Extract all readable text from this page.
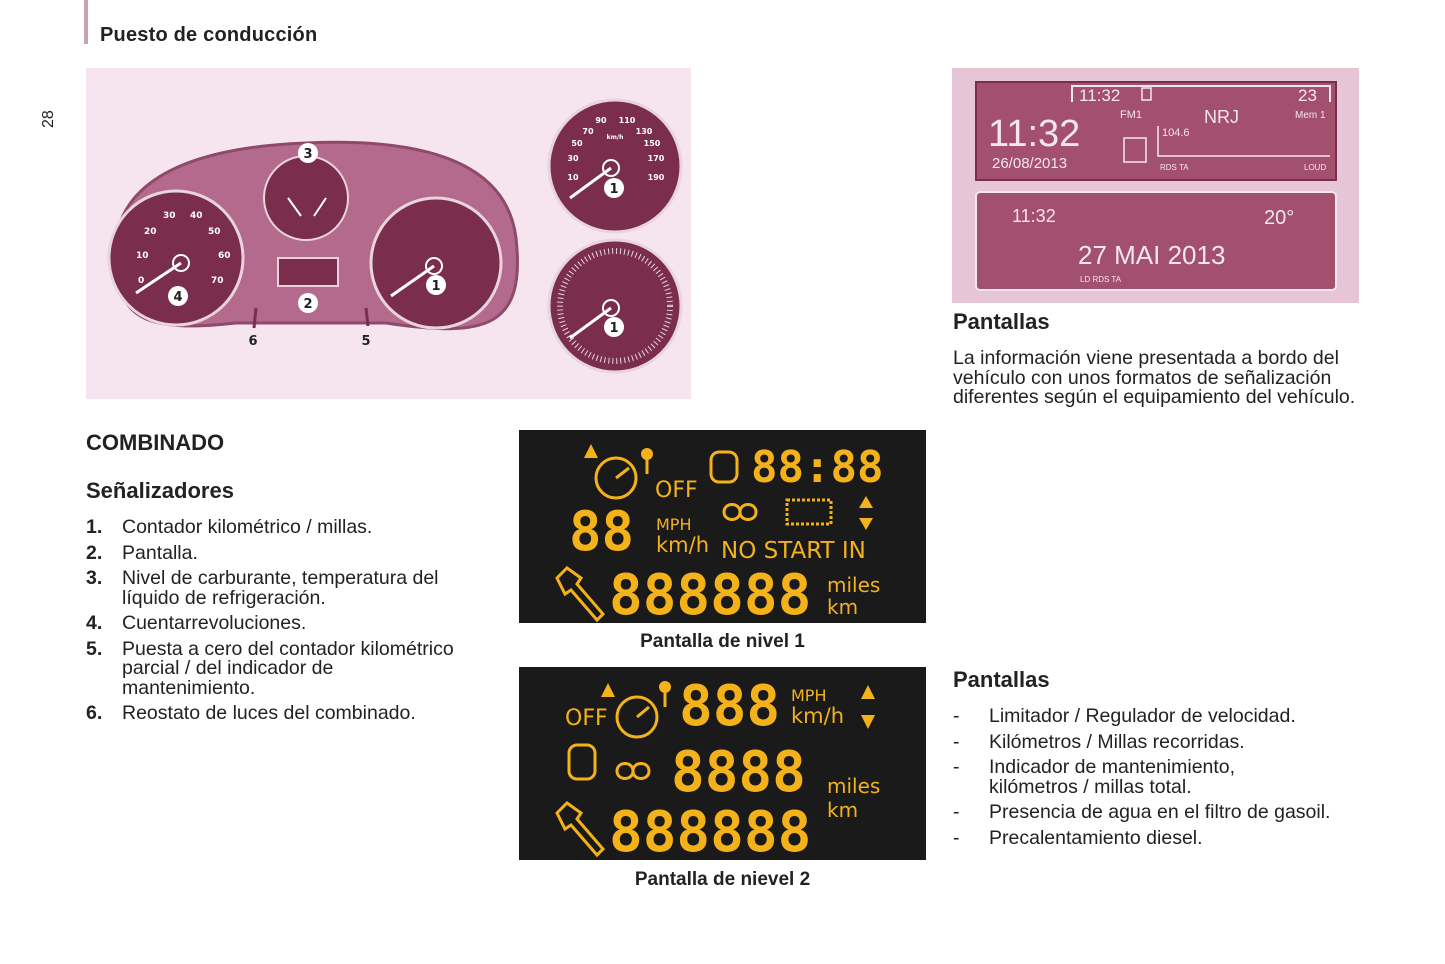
Puesto de conducción
28
30 40
20	50
10	60
0	70
3
2
4
1
6	5
90 110
70	130
50	150
30	170
10	190
km/h
1
1
COMBINADO
Señalizadores
1. Contador kilométrico / millas.
2. Pantalla.
3. Nivel de carburante, temperatura del líquido de refrigeración.
4. Cuentarrevoluciones.
5. Puesta a cero del contador kilométrico parcial / del indicador de mantenimiento.
6. Reostato de luces del combinado.
OFF 88:88
88 MPH
km/h NO START IN
888888 miles
km
Pantalla de nivel 1
OFF 888 MPH
km/h
8888 miles
km
888888
Pantalla de nievel 2
11:32	23
11:32
26/08/2013
FM1	NRJ	Mem 1
104.6
RDS TA	LOUD
11:32	20°
27 MAI 2013
LD RDS TA
Pantallas
La información viene presentada a bordo del vehículo con unos formatos de señalización diferentes según el equipamiento del vehículo.
Pantallas
- Limitador / Regulador de velocidad.
- Kilómetros / Millas recorridas.
- Indicador de mantenimiento, kilómetros / millas total.
- Presencia de agua en el filtro de gasoil.
- Precalentamiento diesel.
